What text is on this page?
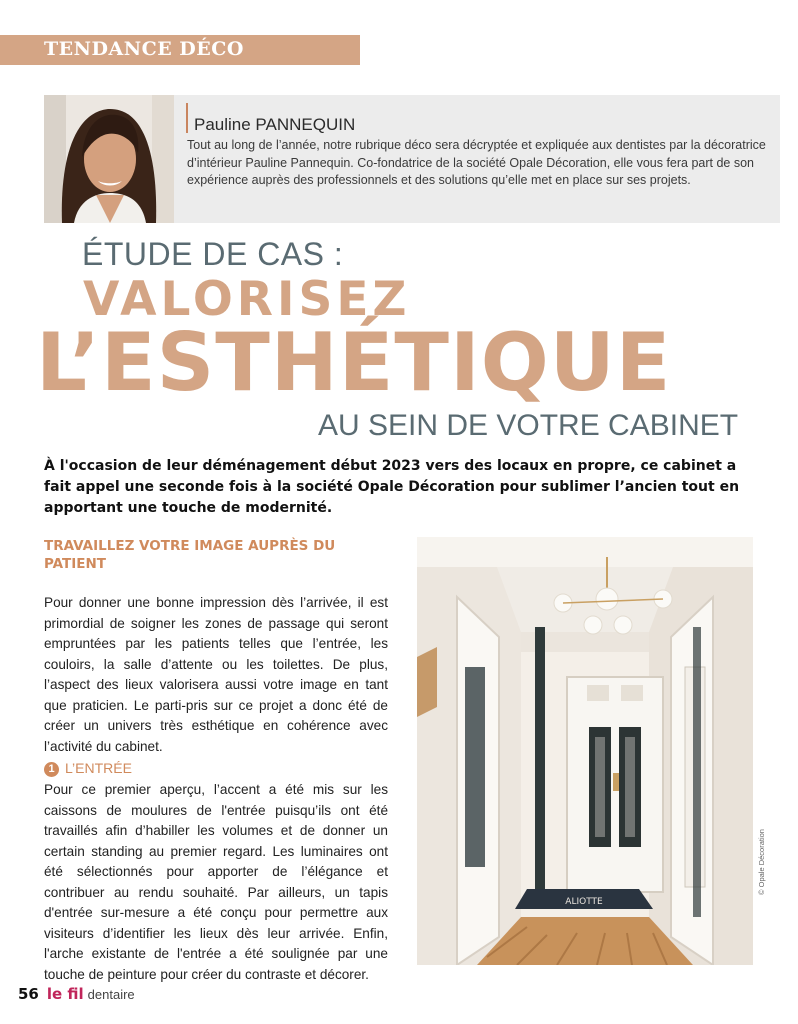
TENDANCE DÉCO
Pauline PANNEQUIN
Tout au long de l’année, notre rubrique déco sera décryptée et expliquée aux dentistes par la décoratrice d’intérieur Pauline Pannequin. Co-fondatrice de la société Opale Décoration, elle vous fera part de son expérience auprès des professionnels et des solutions qu’elle met en place sur ses projets.
ÉTUDE DE CAS :
VALORISEZ
L’ESTHÉTIQUE
AU SEIN DE VOTRE CABINET
À l'occasion de leur déménagement début 2023 vers des locaux en propre, ce cabinet a fait appel une seconde fois à la société Opale Décoration pour sublimer l’ancien tout en apportant une touche de modernité.
TRAVAILLEZ VOTRE IMAGE AUPRÈS DU PATIENT
Pour donner une bonne impression dès l’arrivée, il est primordial de soigner les zones de passage qui seront empruntées par les patients telles que l’entrée, les couloirs, la salle d’attente ou les toilettes. De plus, l’aspect des lieux valorisera aussi votre image en tant que praticien. Le parti-pris sur ce projet a donc été de créer un univers très esthétique en cohérence avec l’activité du cabinet.
1 L’ENTRÉE
Pour ce premier aperçu, l’accent a été mis sur les caissons de moulures de l'entrée puisqu’ils ont été travaillés afin d’habiller les volumes et de donner un certain standing au premier regard. Les luminaires ont été sélectionnés pour apporter de l’élégance et contribuer au rendu souhaité. Par ailleurs, un tapis d'entrée sur-mesure a été conçu pour permettre aux visiteurs d’identifier les lieux dès leur arrivée. Enfin, l'arche existante de l'entrée a été soulignée par une touche de peinture pour créer du contraste et décorer.
ALIOTTE
© Opale Décoration
56 le fil dentaire
